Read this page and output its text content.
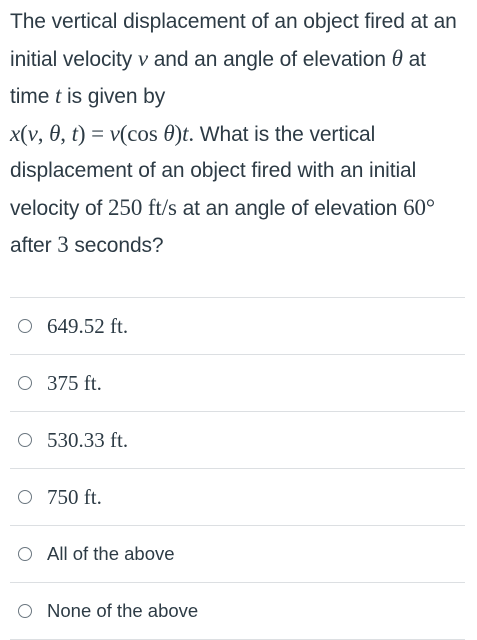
The vertical displacement of an object fired at an initial velocity v and an angle of elevation θ at time t is given by
x(v, θ, t) = v(cos θ)t. What is the vertical displacement of an object fired with an initial velocity of 250 ft/s at an angle of elevation 60° after 3 seconds?
649.52 ft.
375 ft.
530.33 ft.
750 ft.
All of the above
None of the above
